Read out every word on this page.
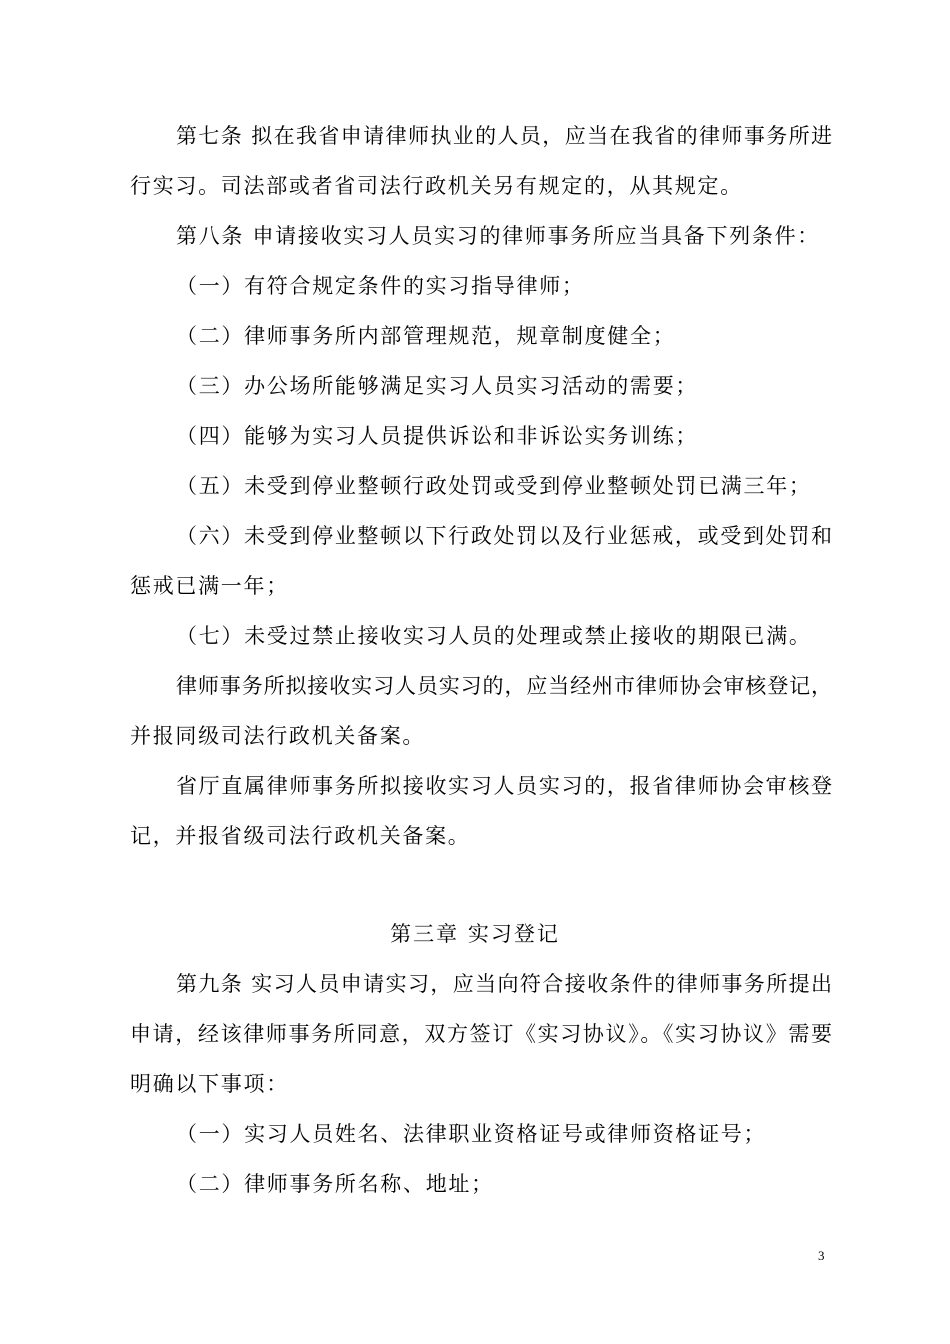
第七条 拟在我省申请律师执业的人员，应当在我省的律师事务所进
行实习。司法部或者省司法行政机关另有规定的，从其规定。
第八条 申请接收实习人员实习的律师事务所应当具备下列条件：
（一）有符合规定条件的实习指导律师；
（二）律师事务所内部管理规范，规章制度健全；
（三）办公场所能够满足实习人员实习活动的需要；
（四）能够为实习人员提供诉讼和非诉讼实务训练；
（五）未受到停业整顿行政处罚或受到停业整顿处罚已满三年；
（六）未受到停业整顿以下行政处罚以及行业惩戒，或受到处罚和
惩戒已满一年；
（七）未受过禁止接收实习人员的处理或禁止接收的期限已满。
律师事务所拟接收实习人员实习的，应当经州市律师协会审核登记，
并报同级司法行政机关备案。
省厅直属律师事务所拟接收实习人员实习的，报省律师协会审核登
记，并报省级司法行政机关备案。
第三章 实习登记
第九条 实习人员申请实习，应当向符合接收条件的律师事务所提出
申请，经该律师事务所同意，双方签订《实习协议》。《实习协议》需要
明确以下事项：
（一）实习人员姓名、法律职业资格证号或律师资格证号；
（二）律师事务所名称、地址；
3
